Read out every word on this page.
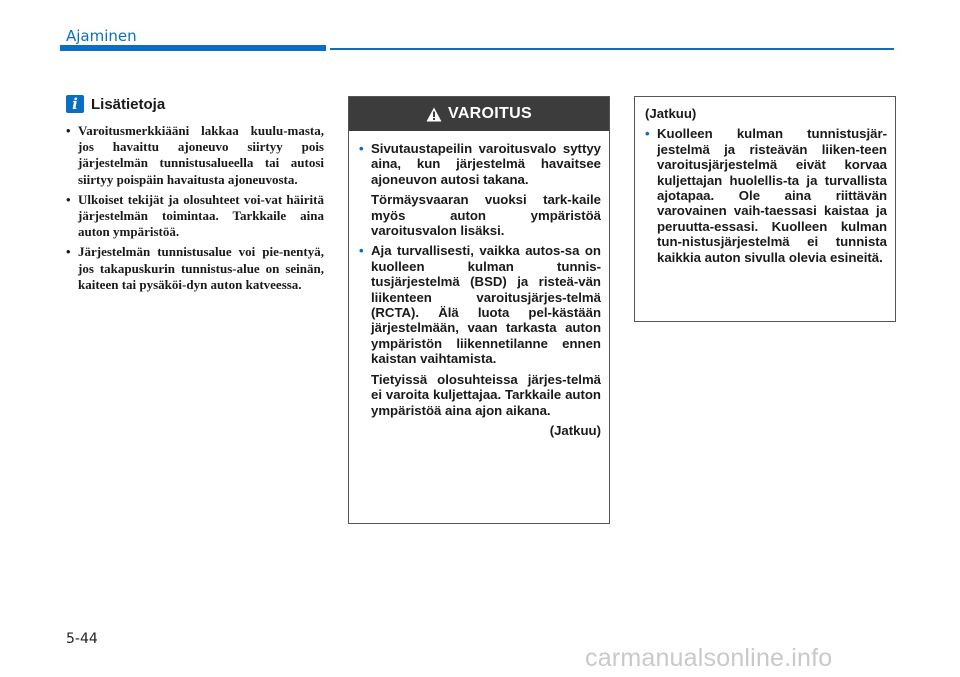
Ajaminen
i Lisätietoja
• Varoitusmerkkiääni lakkaa kuulu-masta, jos havaittu ajoneuvo siirtyy pois järjestelmän tunnistusalueella tai autosi siirtyy poispäin havaitusta ajoneuvosta.
• Ulkoiset tekijät ja olosuhteet voi-vat häiritä järjestelmän toimintaa. Tarkkaile aina auton ympäristöä.
• Järjestelmän tunnistusalue voi pie-nentyä, jos takapuskurin tunnistus-alue on seinän, kaiteen tai pysäköi-dyn auton katveessa.
VAROITUS

• Sivutaustapeilin varoitusvalo syttyy aina, kun järjestelmä havaitsee ajoneuvon autosi takana.

Törmäysvaaran vuoksi tark-kaile myös auton ympäristöä varoitusvalon lisäksi.

• Aja turvallisesti, vaikka autos-sa on kuolleen kulman tunnis-tusjärjestelmä (BSD) ja risteä-vän liikenteen varoitusjärjes-telmä (RCTA). Älä luota pel-kästään järjestelmään, vaan tarkasta auton ympäristön liikennetilanne ennen kaistan vaihtamista.

Tietyissä olosuhteissa järjes-telmä ei varoita kuljettajaa. Tarkkaile auton ympäristöä aina ajon aikana.

(Jatkuu)

(Jatkuu)

• Kuolleen kulman tunnistusjär-jestelmä ja risteävän liiken-teen varoitusjärjestelmä eivät korvaa kuljettajan huolellis-ta ja turvallista ajotapaa. Ole aina riittävän varovainen vaih-taessasi kaistaa ja peruutta-essasi. Kuolleen kulman tun-nistusjärjestelmä ei tunnista kaikkia auton sivulla olevia esineitä.

5-44
carmanualsonline.info
